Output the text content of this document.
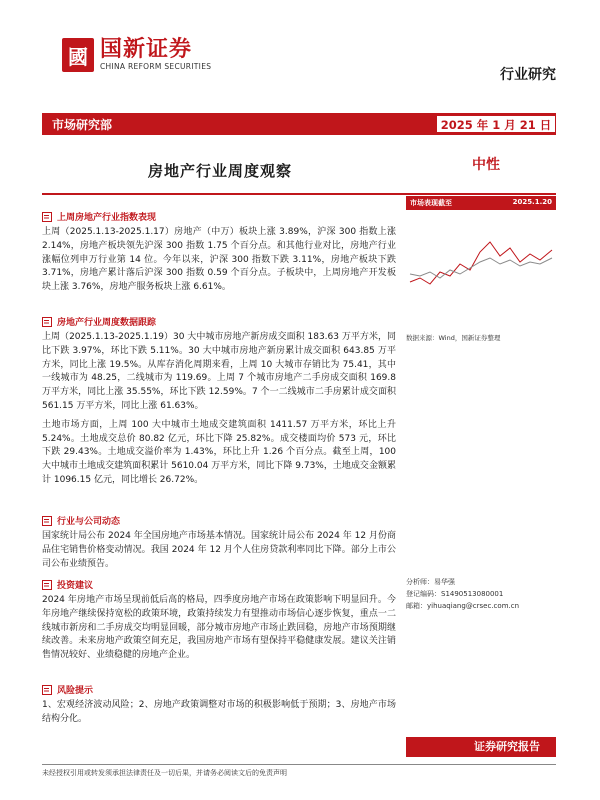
國 国新证券
CHINA REFORM SECURITIES
行业研究
市场研究部	2025 年 1 月 21 日
房地产行业周度观察	中性
上周房地产行业指数表现
上周（2025.1.13-2025.1.17）房地产（中万）板块上涨 3.89%，沪深 300 指数上涨 2.14%，房地产板块领先沪深 300 指数 1.75 个百分点。和其他行业对比，房地产行业涨幅位列申万行业第 14 位。今年以来，沪深 300 指数下跌 3.11%，房地产板块下跌 3.71%，房地产累计落后沪深 300 指数 0.59 个百分点。子板块中，上周房地产开发板块上涨 3.76%，房地产服务板块上涨 6.61%。
房地产行业周度数据跟踪
上周（2025.1.13-2025.1.19）30 大中城市房地产新房成交面积 183.63 万平方米，同比下跌 3.97%，环比下跌 5.11%。30 大中城市房地产新房累计成交面积 643.85 万平方米，同比上涨 19.5%。从库存消化周期来看，上周 10 大城市存销比为 75.41，其中一线城市为 48.25，二线城市为 119.69。上周 7 个城市房地产二手房成交面积 169.8 万平方米，同比上涨 35.55%，环比下跌 12.59%。7 个一二线城市二手房累计成交面积 561.15 万平方米，同比上涨 61.63%。
土地市场方面，上周 100 大中城市土地成交建筑面积 1411.57 万平方米，环比上升 5.24%。土地成交总价 80.82 亿元，环比下降 25.82%。成交楼面均价 573 元，环比下跌 29.43%。土地成交溢价率为 1.43%，环比上升 1.26 个百分点。截至上周，100 大中城市土地成交建筑面积累计 5610.04 万平方米，同比下降 9.73%，土地成交金额累计 1096.15 亿元，同比增长 26.72%。
行业与公司动态
国家统计局公布 2024 年全国房地产市场基本情况。国家统计局公布 2024 年 12 月份商品住宅销售价格变动情况。我国 2024 年 12 月个人住房贷款利率同比下降。部分上市公司公布业绩预告。
投资建议
2024 年房地产市场呈现前低后高的格局，四季度房地产市场在政策影响下明显回升。今年房地产继续保持宽松的政策环境，政策持续发力有望推动市场信心逐步恢复，重点一二线城市新房和二手房成交均明显回暖，部分城市房地产市场止跌回稳，房地产市场预期继续改善。未来房地产政策空间充足，我国房地产市场有望保持平稳健康发展。建议关注销售情况较好、业绩稳健的房地产企业。
风险提示
1、宏观经济波动风险；2、房地产政策调整对市场的积极影响低于预期；3、房地产市场结构分化。
市场表现截至	2025.1.20
数据来源：Wind，国新证券整理
分析师：易华强
登记编码：S1490513080001
邮箱：yihuaqiang@crsec.com.cn
证券研究报告
未经授权引用或转发须承担法律责任及一切后果，并请务必阅读文后的免责声明
